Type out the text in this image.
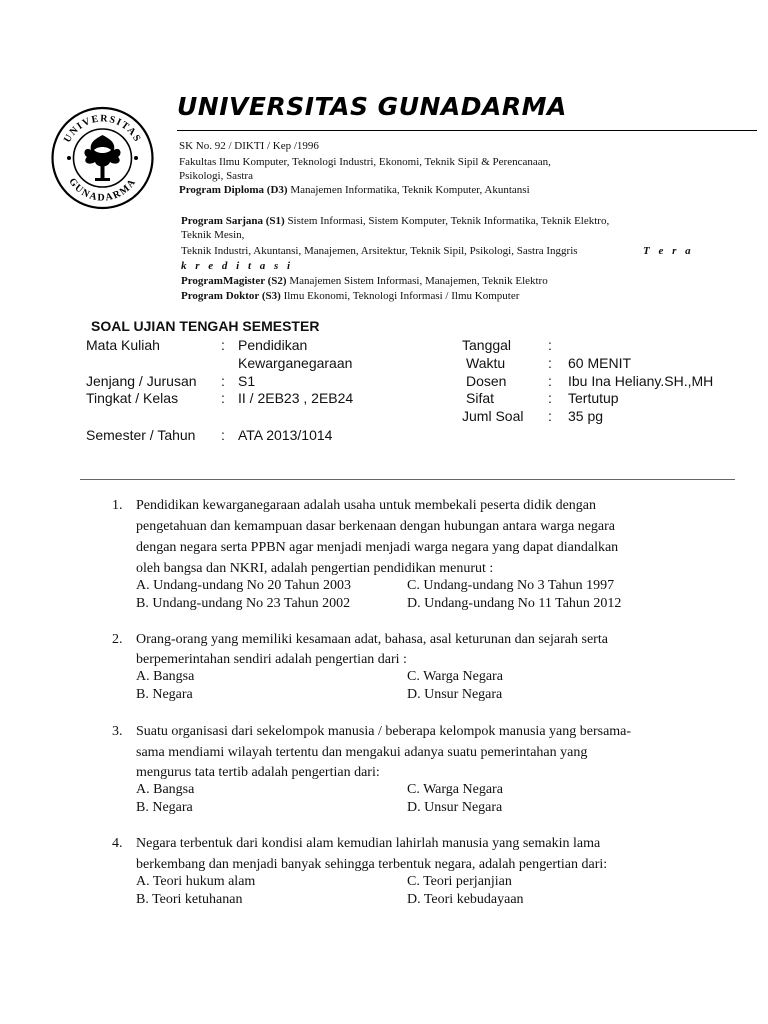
UNIVERSITAS
GUNADARMA
UNIVERSITAS GUNADARMA
SK No. 92 / DIKTI / Kep /1996
Fakultas Ilmu Komputer, Teknologi Industri, Ekonomi, Teknik Sipil & Perencanaan,
Psikologi, Sastra
Program Diploma (D3) Manajemen Informatika, Teknik Komputer, Akuntansi
Program Sarjana (S1) Sistem Informasi, Sistem Komputer, Teknik Informatika, Teknik Elektro,
Teknik Mesin,
Teknik Industri, Akuntansi, Manajemen, Arsitektur, Teknik Sipil, Psikologi, Sastra Inggris	T e r a
k r e d i t a s i
ProgramMagister (S2) Manajemen Sistem Informasi, Manajemen, Teknik Elektro
Program Doktor (S3) Ilmu Ekonomi, Teknologi Informasi / Ilmu Komputer
SOAL UJIAN TENGAH SEMESTER
Mata Kuliah	: Pendidikan
Kewarganegaraan
Jenjang / Jurusan : S1
Tingkat / Kelas	: II / 2EB23 , 2EB24
Semester / Tahun : ATA 2013/1014
Tanggal	:
Waktu	: 60 MENIT
Dosen	: Ibu Ina Heliany.SH.,MH
Sifat	: Tertutup
Juml Soal : 35 pg
1. Pendidikan kewarganegaraan adalah usaha untuk membekali peserta didik dengan
pengetahuan dan kemampuan dasar berkenaan dengan hubungan antara warga negara
dengan negara serta PPBN agar menjadi menjadi warga negara yang dapat diandalkan
oleh bangsa dan NKRI, adalah pengertian pendidikan menurut :
A. Undang-undang No 20 Tahun 2003	C. Undang-undang No 3 Tahun 1997
B. Undang-undang No 23 Tahun 2002	D. Undang-undang No 11 Tahun 2012
2. Orang-orang yang memiliki kesamaan adat, bahasa, asal keturunan dan sejarah serta
berpemerintahan sendiri adalah pengertian dari :
A. Bangsa	C. Warga Negara
B. Negara	D. Unsur Negara
3. Suatu organisasi dari sekelompok manusia / beberapa kelompok manusia yang bersama-
sama mendiami wilayah tertentu dan mengakui adanya suatu pemerintahan yang
mengurus tata tertib adalah pengertian dari:
A. Bangsa	C. Warga Negara
B. Negara	D. Unsur Negara
4. Negara terbentuk dari kondisi alam kemudian lahirlah manusia yang semakin lama
berkembang dan menjadi banyak sehingga terbentuk negara, adalah pengertian dari:
A. Teori hukum alam	C. Teori perjanjian
B. Teori ketuhanan	D. Teori kebudayaan
